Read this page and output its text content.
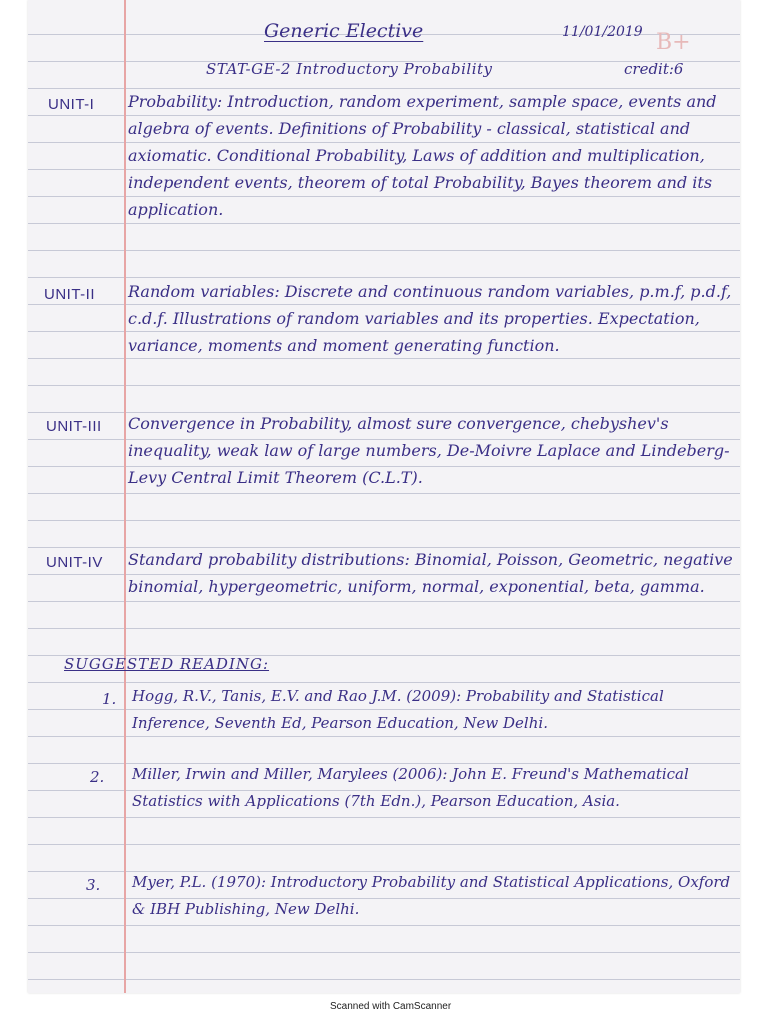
Generic Elective	11/01/2019 B+
STAT-GE-2 Introductory Probability	credit:6
UNIT-I Probability: Introduction, random experiment, sample space, events and algebra of events. Definitions of Probability - classical, statistical and axiomatic. Conditional Probability, Laws of addition and multiplication, independent events, theorem of total Probability, Bayes theorem and its application.
UNIT-II Random variables: Discrete and continuous random variables, p.m.f, p.d.f, c.d.f. Illustrations of random variables and its properties. Expectation, variance, moments and moment generating function.
UNIT-III Convergence in Probability, almost sure convergence, chebyshev's inequality, weak law of large numbers, De-Moivre Laplace and Lindeberg-Levy Central Limit Theorem (C.L.T).
UNIT-IV Standard probability distributions: Binomial, Poisson, Geometric, negative binomial, hypergeometric, uniform, normal, exponential, beta, gamma.
SUGGESTED READING:
1. Hogg, R.V., Tanis, E.V. and Rao J.M. (2009): Probability and Statistical Inference, Seventh Ed, Pearson Education, New Delhi.
2. Miller, Irwin and Miller, Marylees (2006): John E. Freund's Mathematical Statistics with Applications (7th Edn.), Pearson Education, Asia.
3. Myer, P.L. (1970): Introductory Probability and Statistical Applications, Oxford & IBH Publishing, New Delhi.
Scanned with CamScanner
